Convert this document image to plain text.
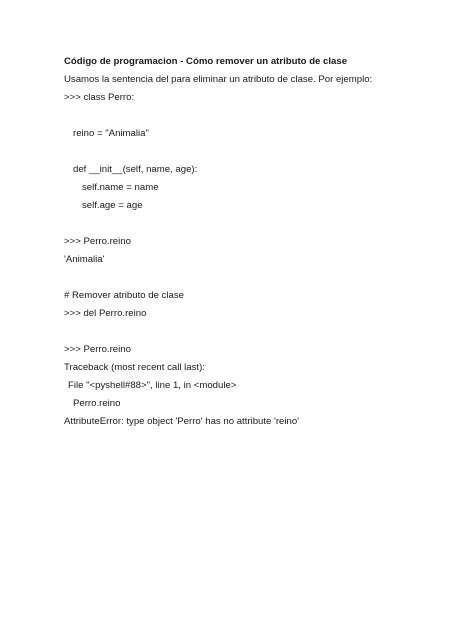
Código de programacion - Cómo remover un atributo de clase
Usamos la sentencia del para eliminar un atributo de clase. Por ejemplo:
>>> class Perro:
reino = "Animalia"
def __init__(self, name, age):
self.name = name
self.age = age
>>> Perro.reino
'Animalia'
# Remover atributo de clase
>>> del Perro.reino
>>> Perro.reino
Traceback (most recent call last):
File "<pyshell#88>", line 1, in <module>
Perro.reino
AttributeError: type object 'Perro' has no attribute 'reino'
